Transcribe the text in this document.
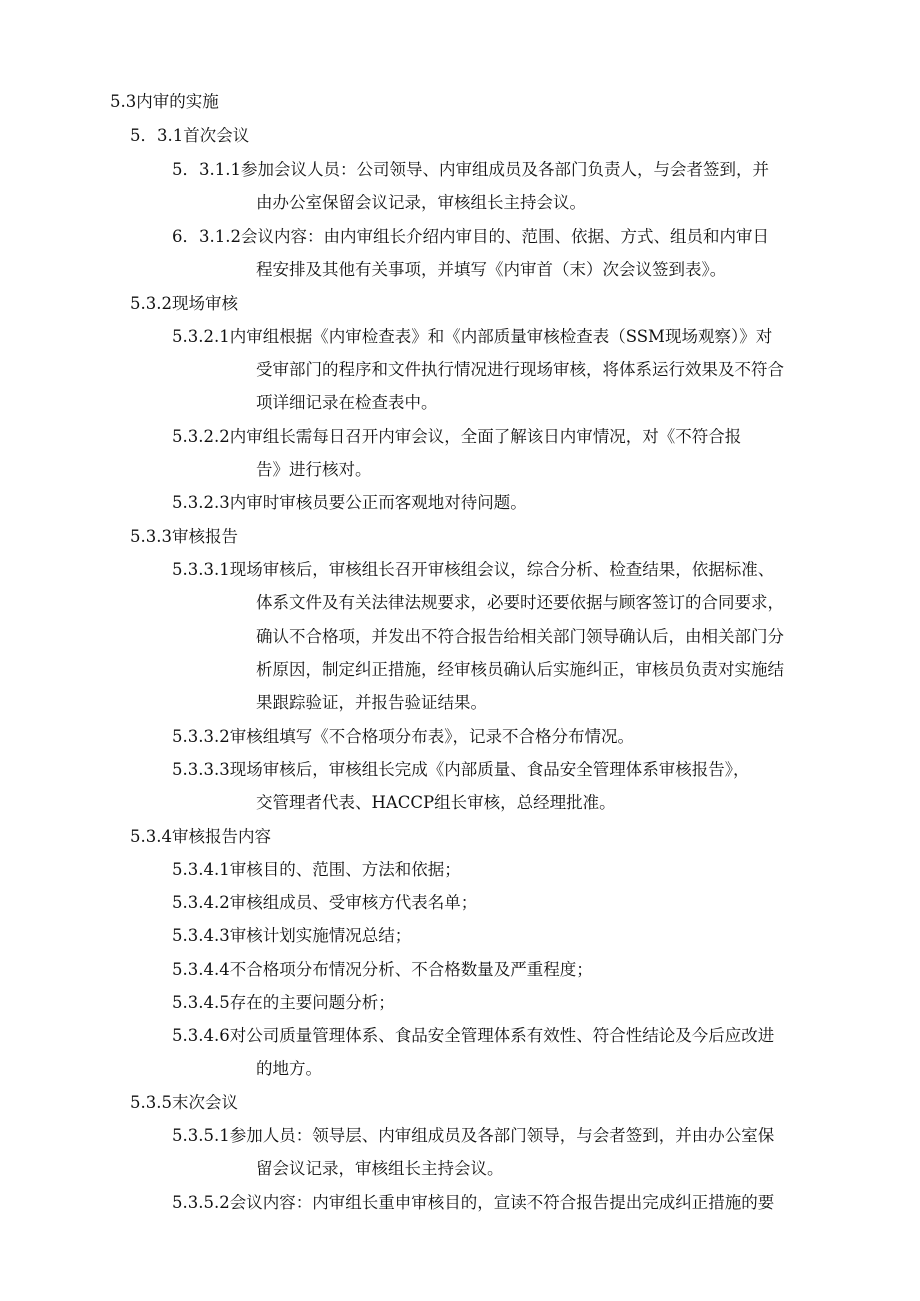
5.3内审的实施
5．3.1首次会议
5．3.1.1参加会议人员：公司领导、内审组成员及各部门负责人，与会者签到，并
由办公室保留会议记录，审核组长主持会议。
6．3.1.2会议内容：由内审组长介绍内审目的、范围、依据、方式、组员和内审日
程安排及其他有关事项，并填写《内审首（末）次会议签到表》。
5.3.2现场审核
5.3.2.1内审组根据《内审检查表》和《内部质量审核检查表（SSM现场观察）》对
受审部门的程序和文件执行情况进行现场审核，将体系运行效果及不符合
项详细记录在检查表中。
5.3.2.2内审组长需每日召开内审会议，全面了解该日内审情况，对《不符合报
告》进行核对。
5.3.2.3内审时审核员要公正而客观地对待问题。
5.3.3审核报告
5.3.3.1现场审核后，审核组长召开审核组会议，综合分析、检查结果，依据标准、
体系文件及有关法律法规要求，必要时还要依据与顾客签订的合同要求，
确认不合格项，并发出不符合报告给相关部门领导确认后，由相关部门分
析原因，制定纠正措施，经审核员确认后实施纠正，审核员负责对实施结
果跟踪验证，并报告验证结果。
5.3.3.2审核组填写《不合格项分布表》，记录不合格分布情况。
5.3.3.3现场审核后，审核组长完成《内部质量、食品安全管理体系审核报告》，
交管理者代表、HACCP组长审核，总经理批准。
5.3.4审核报告内容
5.3.4.1审核目的、范围、方法和依据；
5.3.4.2审核组成员、受审核方代表名单；
5.3.4.3审核计划实施情况总结；
5.3.4.4不合格项分布情况分析、不合格数量及严重程度；
5.3.4.5存在的主要问题分析；
5.3.4.6对公司质量管理体系、食品安全管理体系有效性、符合性结论及今后应改进
的地方。
5.3.5末次会议
5.3.5.1参加人员：领导层、内审组成员及各部门领导，与会者签到，并由办公室保
留会议记录，审核组长主持会议。
5.3.5.2会议内容：内审组长重申审核目的，宣读不符合报告提出完成纠正措施的要
